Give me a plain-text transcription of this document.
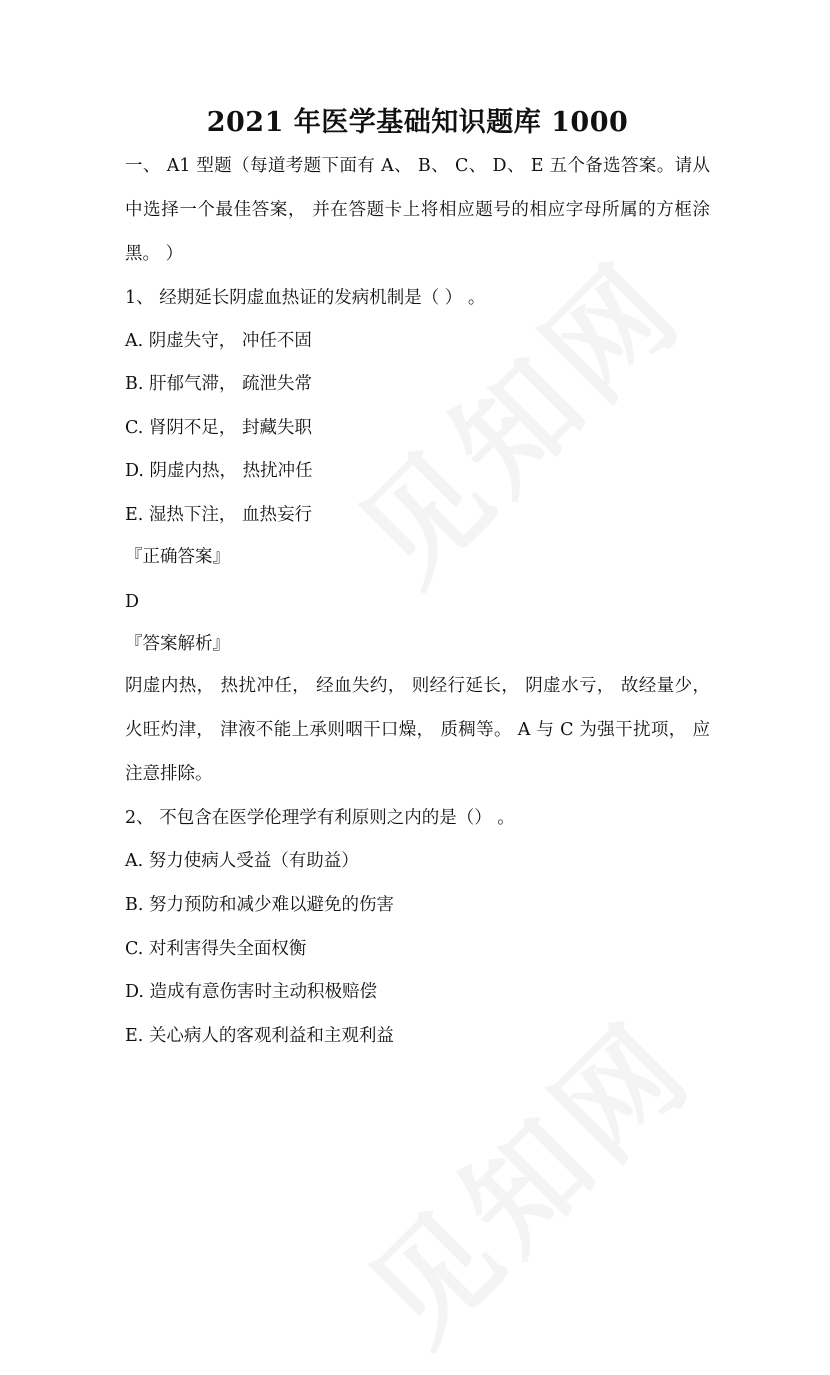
2021 年医学基础知识题库 1000

一、 A1 型题（每道考题下面有 A、 B、 C、 D、 E 五个备选答案。请从中选择一个最佳答案， 并在答题卡上将相应题号的相应字母所属的方框涂黑。 ）

1、 经期延长阴虚血热证的发病机制是（ ） 。

A. 阴虚失守， 冲任不固

B. 肝郁气滞， 疏泄失常

C. 肾阴不足， 封藏失职

D. 阴虚内热， 热扰冲任

E. 湿热下注， 血热妄行

『正确答案』

D

『答案解析』

阴虚内热， 热扰冲任， 经血失约， 则经行延长， 阴虚水亏， 故经量少， 火旺灼津， 津液不能上承则咽干口燥， 质稠等。 A 与 C 为强干扰项， 应注意排除。

2、 不包含在医学伦理学有利原则之内的是（） 。

A. 努力使病人受益（有助益）

B. 努力预防和减少难以避免的伤害

C. 对利害得失全面权衡

D. 造成有意伤害时主动积极赔偿

E. 关心病人的客观利益和主观利益
